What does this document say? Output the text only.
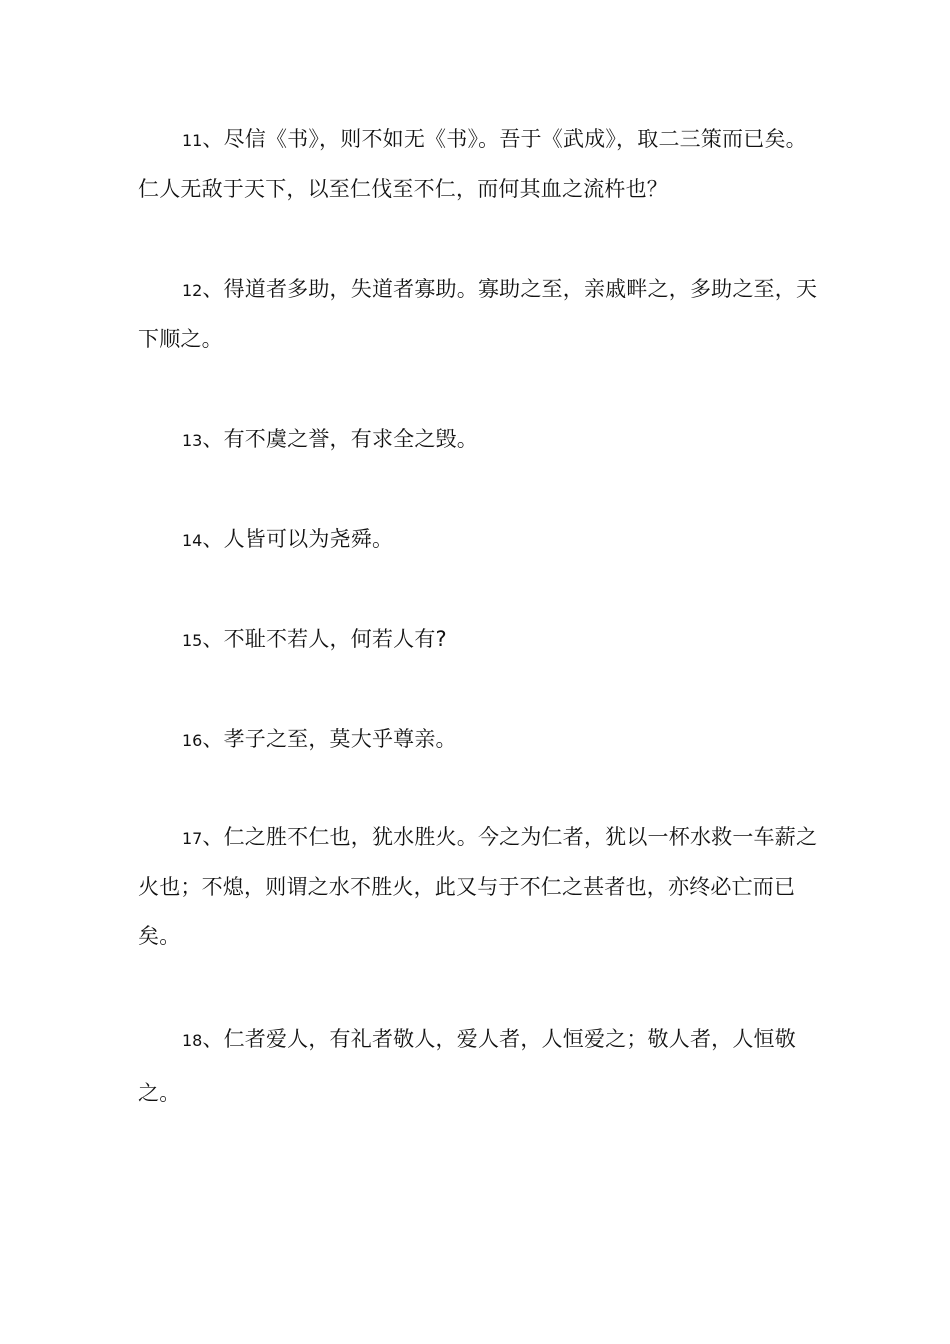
11、尽信《书》，则不如无《书》。吾于《武成》，取二三策而已矣。仁人无敌于天下，以至仁伐至不仁，而何其血之流杵也？

12、得道者多助，失道者寡助。寡助之至，亲戚畔之，多助之至，天下顺之。

13、有不虞之誉，有求全之毁。

14、人皆可以为尧舜。

15、不耻不若人，何若人有?

16、孝子之至，莫大乎尊亲。

17、仁之胜不仁也，犹水胜火。今之为仁者，犹以一杯水救一车薪之火也；不熄，则谓之水不胜火，此又与于不仁之甚者也，亦终必亡而已矣。

18、仁者爱人，有礼者敬人，爱人者，人恒爱之；敬人者，人恒敬之。
